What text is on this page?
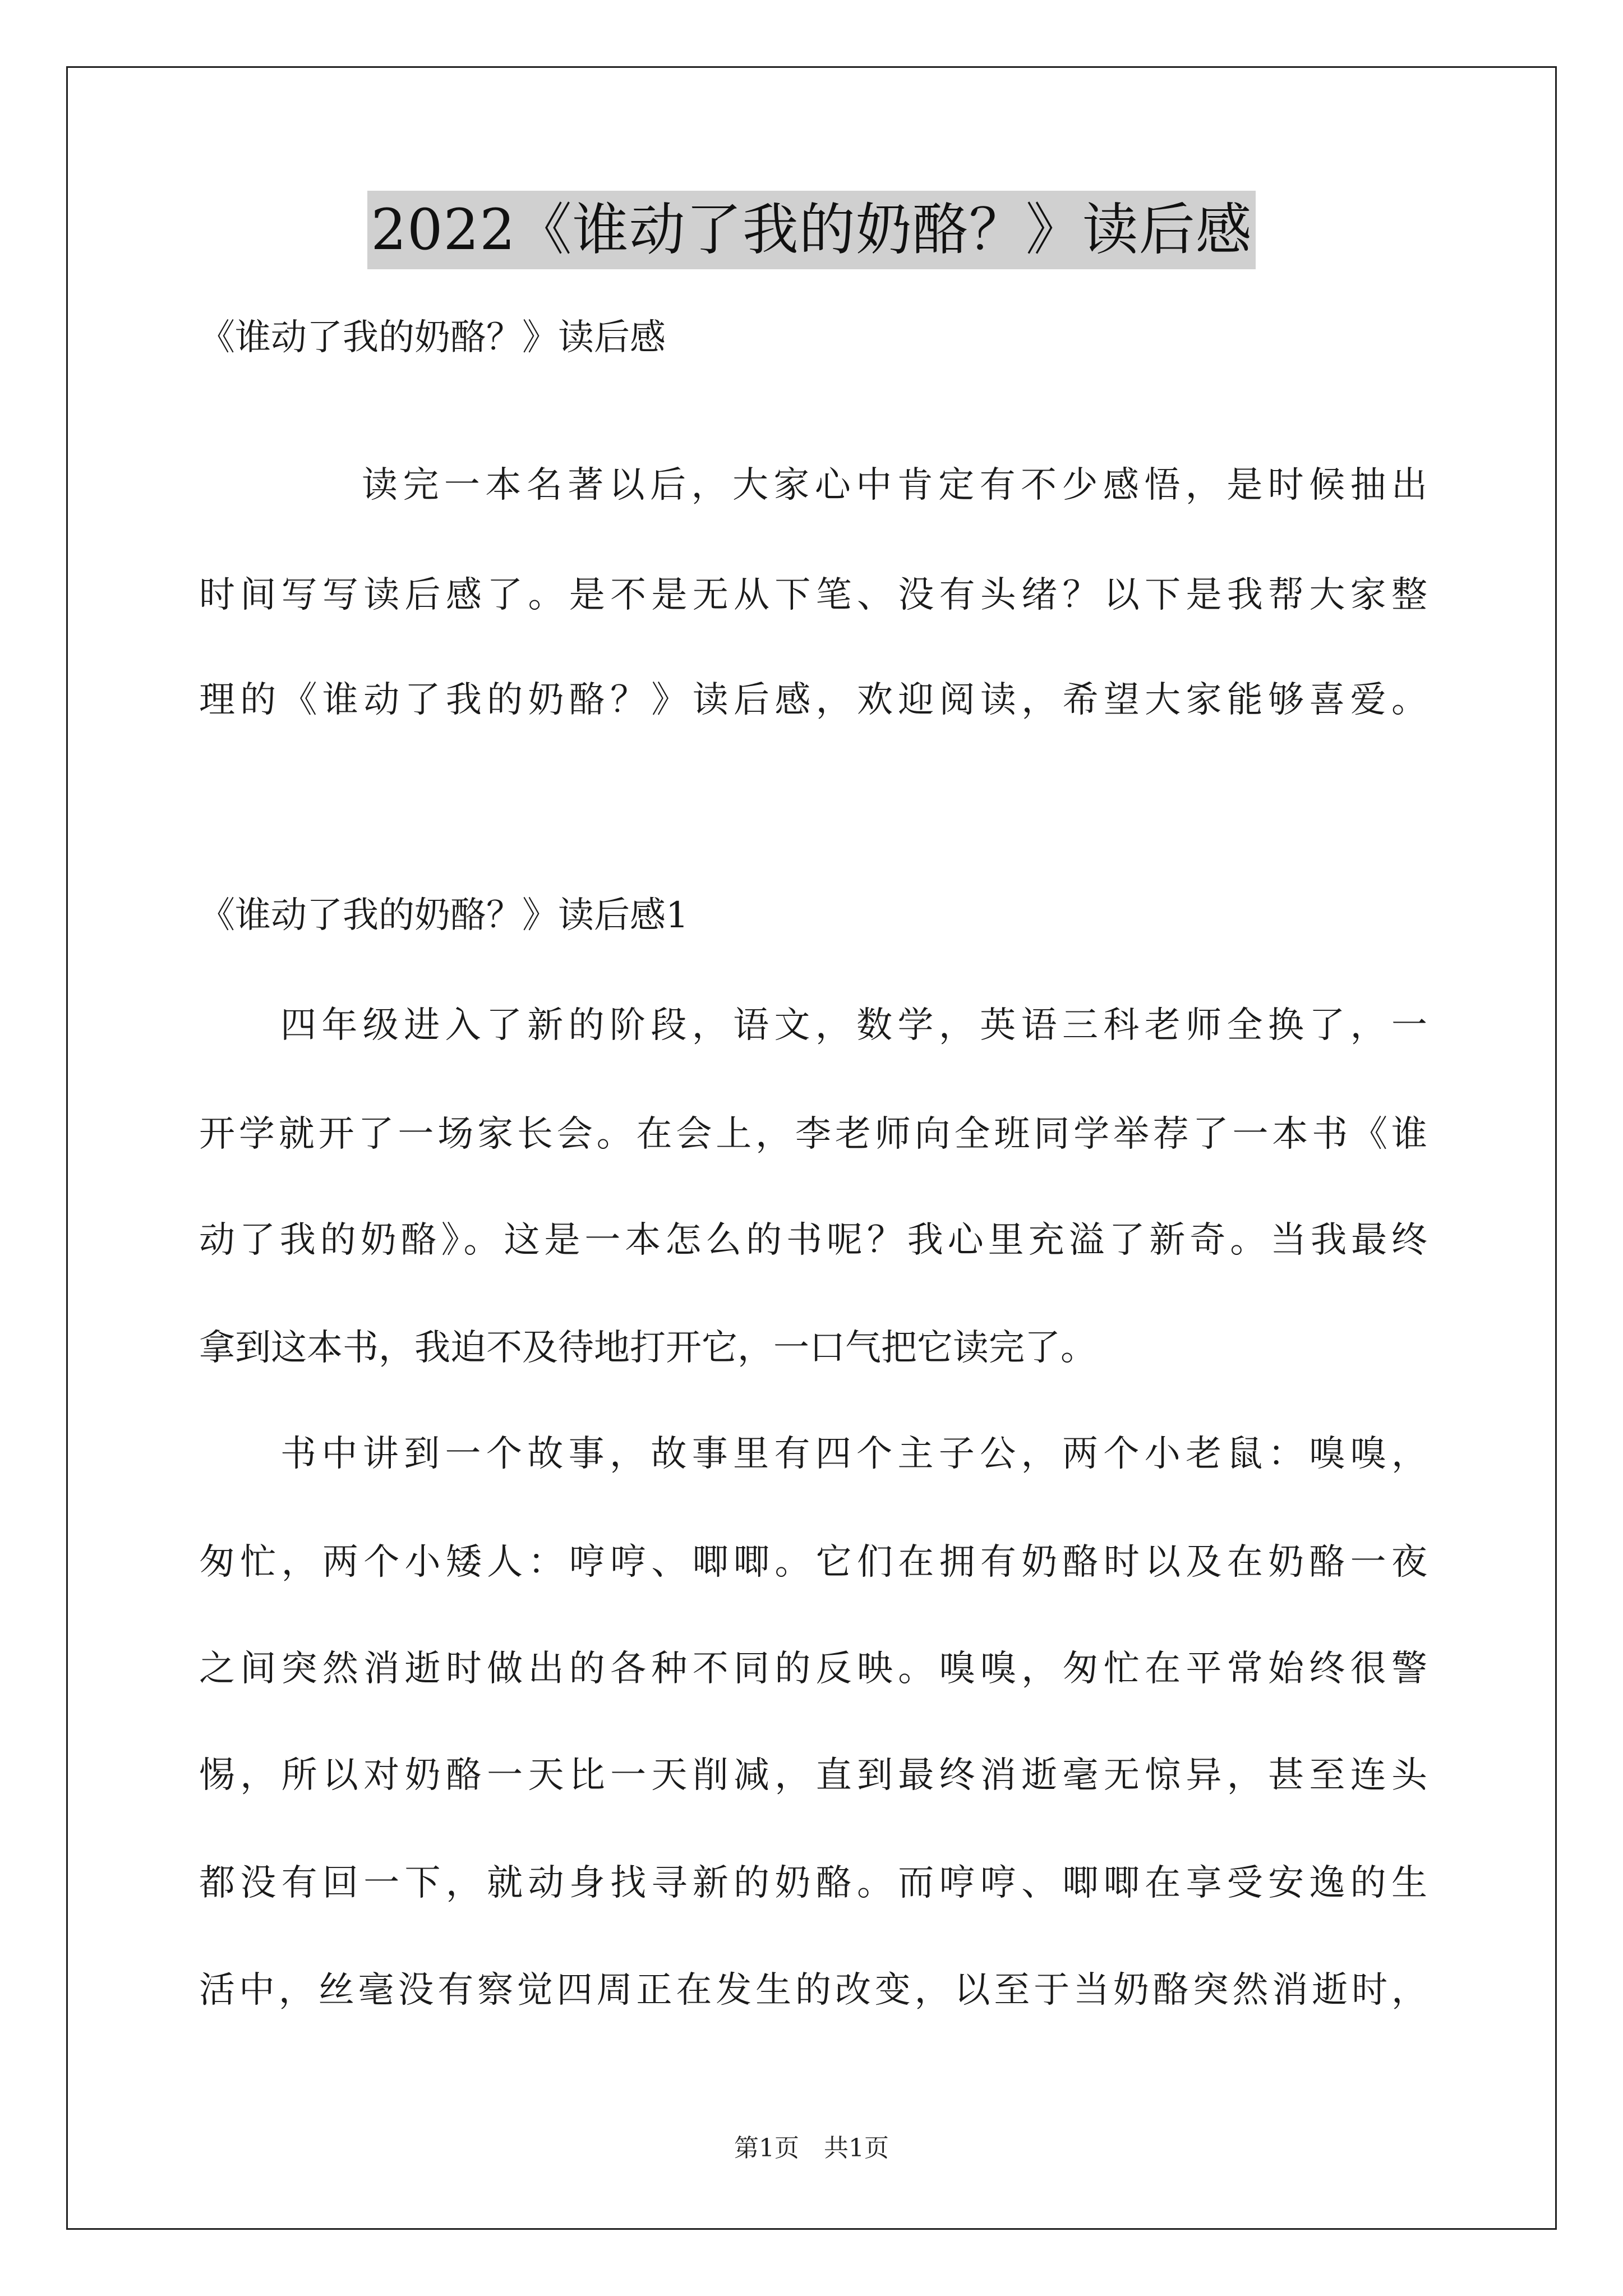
2022《谁动了我的奶酪？》读后感
《谁动了我的奶酪？》读后感
读完一本名著以后，大家心中肯定有不少感悟，是时候抽出
时间写写读后感了。是不是无从下笔、没有头绪？以下是我帮大家整
理的《谁动了我的奶酪？》读后感，欢迎阅读，希望大家能够喜爱。
《谁动了我的奶酪？》读后感1
四年级进入了新的阶段，语文，数学，英语三科老师全换了，一
开学就开了一场家长会。在会上，李老师向全班同学举荐了一本书《谁
动了我的奶酪》。这是一本怎么的书呢？我心里充溢了新奇。当我最终
拿到这本书，我迫不及待地打开它，一口气把它读完了。
书中讲到一个故事，故事里有四个主子公，两个小老鼠：嗅嗅，
匆忙，两个小矮人：哼哼、唧唧。它们在拥有奶酪时以及在奶酪一夜
之间突然消逝时做出的各种不同的反映。嗅嗅，匆忙在平常始终很警
惕，所以对奶酪一天比一天削减，直到最终消逝毫无惊异，甚至连头
都没有回一下，就动身找寻新的奶酪。而哼哼、唧唧在享受安逸的生
活中，丝毫没有察觉四周正在发生的改变，以至于当奶酪突然消逝时，
第1页　共1页
